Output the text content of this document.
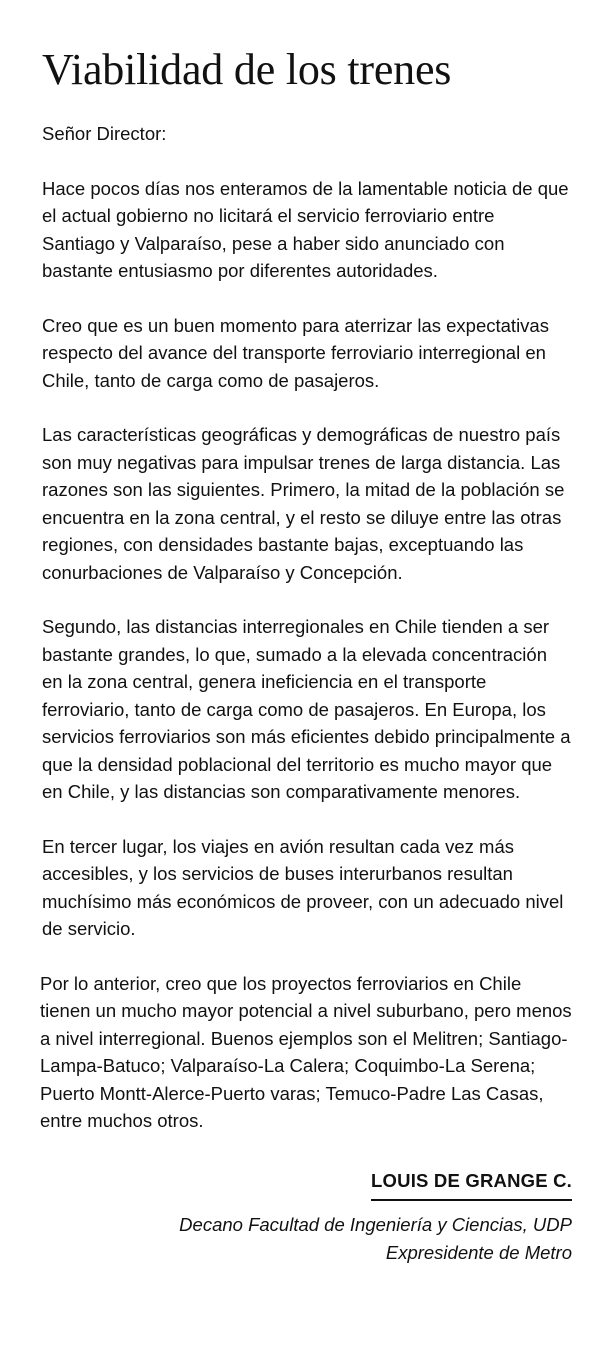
Viabilidad de los trenes

Señor Director:

Hace pocos días nos enteramos de la lamentable noticia de que el actual gobierno no licitará el servicio ferroviario entre Santiago y Valparaíso, pese a haber sido anunciado con bastante entusiasmo por diferentes autoridades.

Creo que es un buen momento para aterrizar las expectativas respecto del avance del transporte ferroviario interregional en Chile, tanto de carga como de pasajeros.

Las características geográficas y demográficas de nuestro país son muy negativas para impulsar trenes de larga distancia. Las razones son las siguientes. Primero, la mitad de la población se encuentra en la zona central, y el resto se diluye entre las otras regiones, con densidades bastante bajas, exceptuando las conurbaciones de Valparaíso y Concepción.

Segundo, las distancias interregionales en Chile tienden a ser bastante grandes, lo que, sumado a la elevada concentración en la zona central, genera ineficiencia en el transporte ferroviario, tanto de carga como de pasajeros. En Europa, los servicios ferroviarios son más eficientes debido principalmente a que la densidad poblacional del territorio es mucho mayor que en Chile, y las distancias son comparativamente menores.

En tercer lugar, los viajes en avión resultan cada vez más accesibles, y los servicios de buses interurbanos resultan muchísimo más económicos de proveer, con un adecuado nivel de servicio.

Por lo anterior, creo que los proyectos ferroviarios en Chile tienen un mucho mayor potencial a nivel suburbano, pero menos a nivel interregional. Buenos ejemplos son el Melitren; Santiago-Lampa-Batuco; Valparaíso-La Calera; Coquimbo-La Serena; Puerto Montt-Alerce-Puerto varas; Temuco-Padre Las Casas, entre muchos otros.

LOUIS DE GRANGE C.
Decano Facultad de Ingeniería y Ciencias, UDP
Expresidente de Metro
